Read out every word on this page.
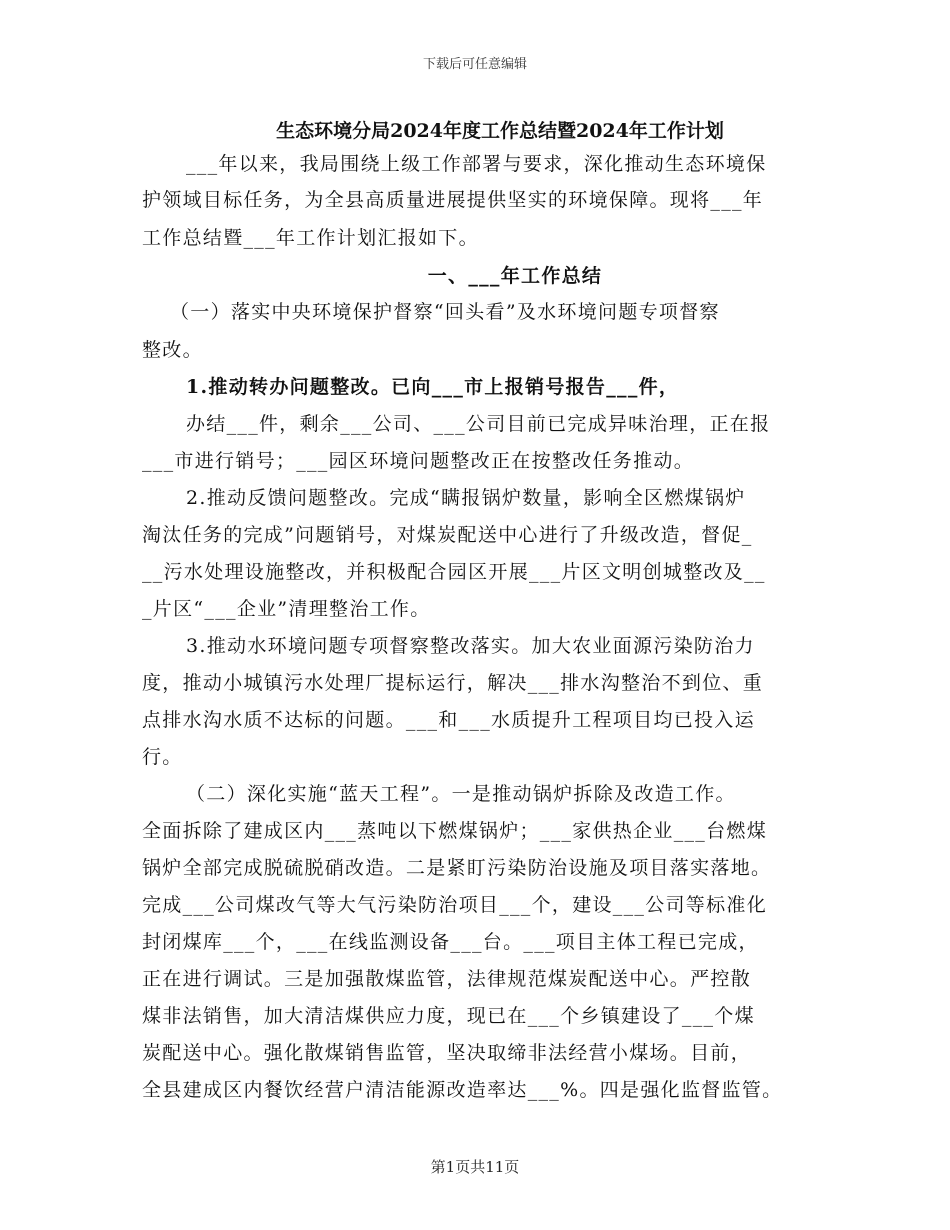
下载后可任意编辑
生态环境分局2024年度工作总结暨2024年工作计划
___年以来，我局围绕上级工作部署与要求，深化推动生态环境保
护领域目标任务，为全县高质量进展提供坚实的环境保障。现将___年
工作总结暨___年工作计划汇报如下。
一、___年工作总结
（一）落实中央环境保护督察“回头看”及水环境问题专项督察
整改。
1.推动转办问题整改。已向___市上报销号报告___件，
办结___件，剩余___公司、___公司目前已完成异味治理，正在报
___市进行销号；___园区环境问题整改正在按整改任务推动。
2.推动反馈问题整改。完成“瞒报锅炉数量，影响全区燃煤锅炉
淘汰任务的完成”问题销号，对煤炭配送中心进行了升级改造，督促_
__污水处理设施整改，并积极配合园区开展___片区文明创城整改及__
_片区“___企业”清理整治工作。
3.推动水环境问题专项督察整改落实。加大农业面源污染防治力
度，推动小城镇污水处理厂提标运行，解决___排水沟整治不到位、重
点排水沟水质不达标的问题。___和___水质提升工程项目均已投入运
行。
（二）深化实施“蓝天工程”。一是推动锅炉拆除及改造工作。
全面拆除了建成区内___蒸吨以下燃煤锅炉；___家供热企业___台燃煤
锅炉全部完成脱硫脱硝改造。二是紧盯污染防治设施及项目落实落地。
完成___公司煤改气等大气污染防治项目___个，建设___公司等标准化
封闭煤库___个，___在线监测设备___台。___项目主体工程已完成，
正在进行调试。三是加强散煤监管，法律规范煤炭配送中心。严控散
煤非法销售，加大清洁煤供应力度，现已在___个乡镇建设了___个煤
炭配送中心。强化散煤销售监管，坚决取缔非法经营小煤场。目前，
全县建成区内餐饮经营户清洁能源改造率达___%。四是强化监督监管。
第1页共11页
